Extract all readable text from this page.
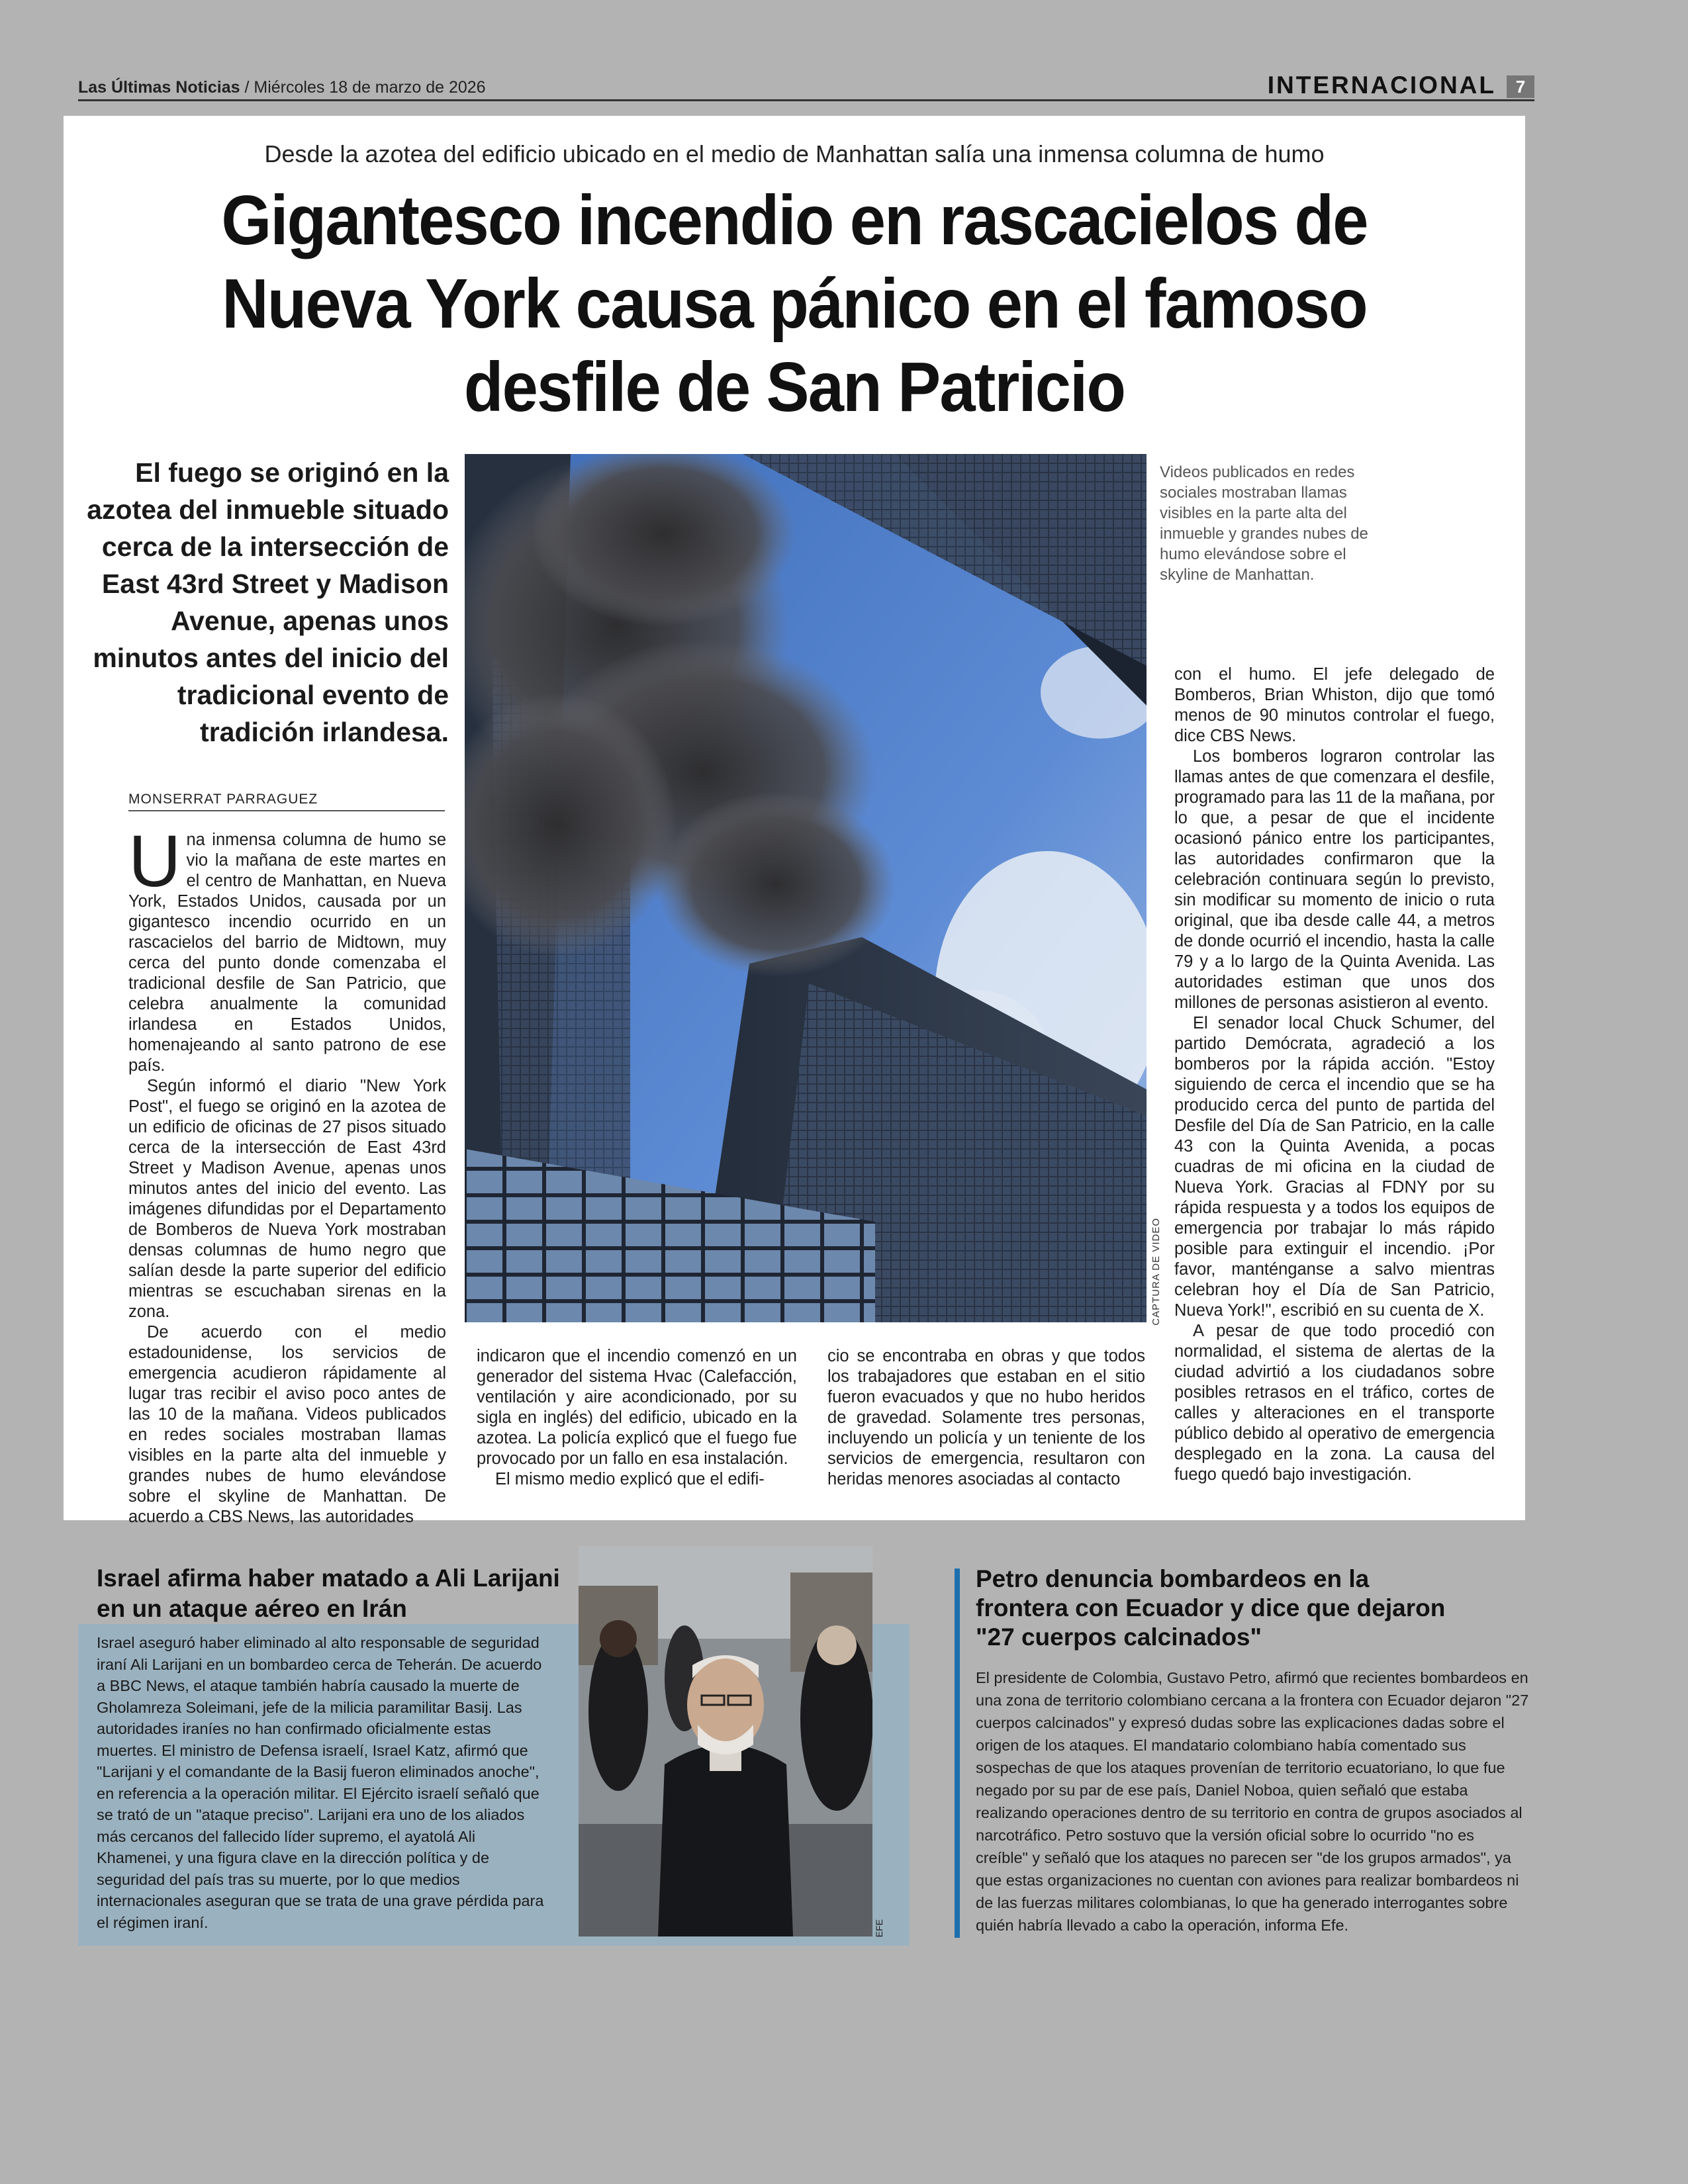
Las Últimas Noticias / Miércoles 18 de marzo de 2026	INTERNACIONAL	7
Desde la azotea del edificio ubicado en el medio de Manhattan salía una inmensa columna de humo
Gigantesco incendio en rascacielos de Nueva York causa pánico en el famoso desfile de San Patricio
El fuego se originó en la azotea del inmueble situado cerca de la intersección de East 43rd Street y Madison Avenue, apenas unos minutos antes del inicio del tradicional evento de tradición irlandesa.
MONSERRAT PARRAGUEZ

Una inmensa columna de humo se vio la mañana de este martes en el centro de Manhattan, en Nueva York, Estados Unidos, causada por un gigantesco incendio ocurrido en un rascacielos del barrio de Midtown, muy cerca del punto donde comenzaba el tradicional desfile de San Patricio, que celebra anualmente la comunidad irlandesa en Estados Unidos, homenajeando al santo patrono de ese país.

Según informó el diario "New York Post", el fuego se originó en la azotea de un edificio de oficinas de 27 pisos situado cerca de la intersección de East 43rd Street y Madison Avenue, apenas unos minutos antes del inicio del evento. Las imágenes difundidas por el Departamento de Bomberos de Nueva York mostraban densas columnas de humo negro que salían desde la parte superior del edificio mientras se escuchaban sirenas en la zona.

De acuerdo con el medio estadounidense, los servicios de emergencia acudieron rápidamente al lugar tras recibir el aviso poco antes de las 10 de la mañana. Videos publicados en redes sociales mostraban llamas visibles en la parte alta del inmueble y grandes nubes de humo elevándose sobre el skyline de Manhattan. De acuerdo a CBS News, las autoridades

CAPTURA DE VIDEO
Videos publicados en redes sociales mostraban llamas visibles en la parte alta del inmueble y grandes nubes de humo elevándose sobre el skyline de Manhattan.

indicaron que el incendio comenzó en un generador del sistema Hvac (Calefacción, ventilación y aire acondicionado, por su sigla en inglés) del edificio, ubicado en la azotea. La policía explicó que el fuego fue provocado por un fallo en esa instalación.

El mismo medio explicó que el edifi-

cio se encontraba en obras y que todos los trabajadores que estaban en el sitio fueron evacuados y que no hubo heridos de gravedad. Solamente tres personas, incluyendo un policía y un teniente de los servicios de emergencia, resultaron con heridas menores asociadas al contacto

con el humo. El jefe delegado de Bomberos, Brian Whiston, dijo que tomó menos de 90 minutos controlar el fuego, dice CBS News.

Los bomberos lograron controlar las llamas antes de que comenzara el desfile, programado para las 11 de la mañana, por lo que, a pesar de que el incidente ocasionó pánico entre los participantes, las autoridades confirmaron que la celebración continuara según lo previsto, sin modificar su momento de inicio o ruta original, que iba desde calle 44, a metros de donde ocurrió el incendio, hasta la calle 79 y a lo largo de la Quinta Avenida. Las autoridades estiman que unos dos millones de personas asistieron al evento.

El senador local Chuck Schumer, del partido Demócrata, agradeció a los bomberos por la rápida acción. "Estoy siguiendo de cerca el incendio que se ha producido cerca del punto de partida del Desfile del Día de San Patricio, en la calle 43 con la Quinta Avenida, a pocas cuadras de mi oficina en la ciudad de Nueva York. Gracias al FDNY por su rápida respuesta y a todos los equipos de emergencia por trabajar lo más rápido posible para extinguir el incendio. ¡Por favor, manténganse a salvo mientras celebran hoy el Día de San Patricio, Nueva York!", escribió en su cuenta de X.

A pesar de que todo procedió con normalidad, el sistema de alertas de la ciudad advirtió a los ciudadanos sobre posibles retrasos en el tráfico, cortes de calles y alteraciones en el transporte público debido al operativo de emergencia desplegado en la zona. La causa del fuego quedó bajo investigación.

Israel afirma haber matado a Ali Larijani en un ataque aéreo en Irán
Israel aseguró haber eliminado al alto responsable de seguridad iraní Ali Larijani en un bombardeo cerca de Teherán. De acuerdo a BBC News, el ataque también habría causado la muerte de Gholamreza Soleimani, jefe de la milicia paramilitar Basij. Las autoridades iraníes no han confirmado oficialmente estas muertes. El ministro de Defensa israelí, Israel Katz, afirmó que "Larijani y el comandante de la Basij fueron eliminados anoche", en referencia a la operación militar. El Ejército israelí señaló que se trató de un "ataque preciso". Larijani era uno de los aliados más cercanos del fallecido líder supremo, el ayatolá Ali Khamenei, y una figura clave en la dirección política y de seguridad del país tras su muerte, por lo que medios internacionales aseguran que se trata de una grave pérdida para el régimen iraní.	EFE
Petro denuncia bombardeos en la frontera con Ecuador y dice que dejaron "27 cuerpos calcinados"
El presidente de Colombia, Gustavo Petro, afirmó que recientes bombardeos en una zona de territorio colombiano cercana a la frontera con Ecuador dejaron "27 cuerpos calcinados" y expresó dudas sobre las explicaciones dadas sobre el origen de los ataques. El mandatario colombiano había comentado sus sospechas de que los ataques provenían de territorio ecuatoriano, lo que fue negado por su par de ese país, Daniel Noboa, quien señaló que estaba realizando operaciones dentro de su territorio en contra de grupos asociados al narcotráfico. Petro sostuvo que la versión oficial sobre lo ocurrido "no es creíble" y señaló que los ataques no parecen ser "de los grupos armados", ya que estas organizaciones no cuentan con aviones para realizar bombardeos ni de las fuerzas militares colombianas, lo que ha generado interrogantes sobre quién habría llevado a cabo la operación, informa Efe.
